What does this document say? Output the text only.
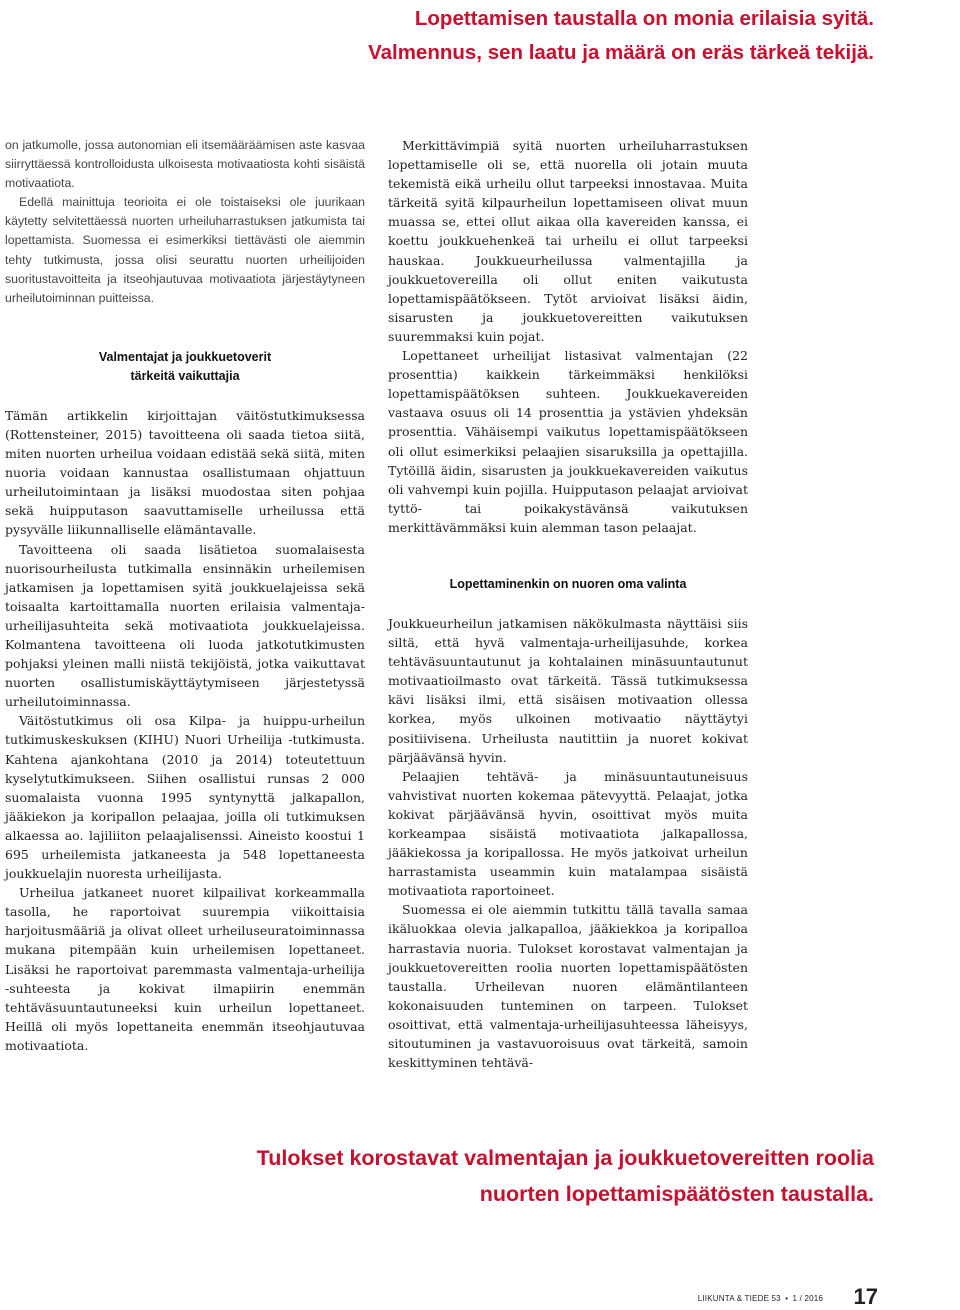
Lopettamisen taustalla on monia erilaisia syitä.
Valmennus, sen laatu ja määrä on eräs tärkeä tekijä.

on jatkumolle, jossa autonomian eli itsemääräämisen aste kasvaa siirryttäessä kontrolloidusta ulkoisesta motivaatiosta kohti sisäistä motivaatiota.

Edellä mainittuja teorioita ei ole toistaiseksi ole juurikaan käytetty selvitettäessä nuorten urheiluharrastuksen jatkumista tai lopettamista. Suomessa ei esimerkiksi tiettävästi ole aiemmin tehty tutkimusta, jossa olisi seurattu nuorten urheilijoiden suoritustavoitteita ja itseohjautuvaa motivaatiota järjestäytyneen urheilutoiminnan puitteissa.

Valmentajat ja joukkuetoverit
tärkeitä vaikuttajia

Tämän artikkelin kirjoittajan väitöstutkimuksessa (Rottensteiner, 2015) tavoitteena oli saada tietoa siitä, miten nuorten urheilua voidaan edistää sekä siitä, miten nuoria voidaan kannustaa osallistumaan ohjattuun urheilutoimintaan ja lisäksi muodostaa siten pohjaa sekä huipputason saavuttamiselle urheilussa että pysyvälle liikunnalliselle elämäntavalle.

Tavoitteena oli saada lisätietoa suomalaisesta nuorisourheilusta tutkimalla ensinnäkin urheilemisen jatkamisen ja lopettamisen syitä joukkuelajeissa sekä toisaalta kartoittamalla nuorten erilaisia valmentaja-urheilijasuhteita sekä motivaatiota joukkuelajeissa. Kolmantena tavoitteena oli luoda jatkotutkimusten pohjaksi yleinen malli niistä tekijöistä, jotka vaikuttavat nuorten osallistumiskäyttäytymiseen järjestetyssä urheilutoiminnassa.

Väitöstutkimus oli osa Kilpa- ja huippu-urheilun tutkimuskeskuksen (KIHU) Nuori Urheilija -tutkimusta. Kahtena ajankohtana (2010 ja 2014) toteutettuun kyselytutkimukseen. Siihen osallistui runsas 2 000 suomalaista vuonna 1995 syntynyttä jalkapallon, jääkiekon ja koripallon pelaajaa, joilla oli tutkimuksen alkaessa ao. lajiliiton pelaajalisenssi. Aineisto koostui 1 695 urheilemista jatkaneesta ja 548 lopettaneesta joukkuelajin nuoresta urheilijasta.

Urheilua jatkaneet nuoret kilpailivat korkeammalla tasolla, he raportoivat suurempia viikoittaisia harjoitusmääriä ja olivat olleet urheiluseuratoiminnassa mukana pitempään kuin urheilemisen lopettaneet. Lisäksi he raportoivat paremmasta valmentaja-urheilija -suhteesta ja kokivat ilmapiirin enemmän tehtäväsuuntautuneeksi kuin urheilun lopettaneet. Heillä oli myös lopettaneita enemmän itseohjautuvaa motivaatiota.

Merkittävimpiä syitä nuorten urheiluharrastuksen lopettamiselle oli se, että nuorella oli jotain muuta tekemistä eikä urheilu ollut tarpeeksi innostavaa. Muita tärkeitä syitä kilpaurheilun lopettamiseen olivat muun muassa se, ettei ollut aikaa olla kavereiden kanssa, ei koettu joukkuehenkeä tai urheilu ei ollut tarpeeksi hauskaa. Joukkueurheilussa valmentajilla ja joukkuetovereilla oli ollut eniten vaikutusta lopettamispäätökseen. Tytöt arvioivat lisäksi äidin, sisarusten ja joukkuetovereitten vaikutuksen suuremmaksi kuin pojat.

Lopettaneet urheilijat listasivat valmentajan (22 prosenttia) kaikkein tärkeimmäksi henkilöksi lopettamispäätöksen suhteen. Joukkuekavereiden vastaava osuus oli 14 prosenttia ja ystävien yhdeksän prosenttia. Vähäisempi vaikutus lopettamispäätökseen oli ollut esimerkiksi pelaajien sisaruksilla ja opettajilla. Tytöillä äidin, sisarusten ja joukkuekavereiden vaikutus oli vahvempi kuin pojilla. Huipputason pelaajat arvioivat tyttö- tai poikakystävänsä vaikutuksen merkittävämmäksi kuin alemman tason pelaajat.

Lopettaminenkin on nuoren oma valinta

Joukkueurheilun jatkamisen näkökulmasta näyttäisi siis siltä, että hyvä valmentaja-urheilijasuhde, korkea tehtäväsuuntautunut ja kohtalainen minäsuuntautunut motivaatioilmasto ovat tärkeitä. Tässä tutkimuksessa kävi lisäksi ilmi, että sisäisen motivaation ollessa korkea, myös ulkoinen motivaatio näyttäytyi positiivisena. Urheilusta nautittiin ja nuoret kokivat pärjäävänsä hyvin.

Pelaajien tehtävä- ja minäsuuntautuneisuus vahvistivat nuorten kokemaa pätevyyttä. Pelaajat, jotka kokivat pärjäävänsä hyvin, osoittivat myös muita korkeampaa sisäistä motivaatiota jalkapallossa, jääkiekossa ja koripallossa. He myös jatkoivat urheilun harrastamista useammin kuin matalampaa sisäistä motivaatiota raportoineet.

Suomessa ei ole aiemmin tutkittu tällä tavalla samaa ikäluokkaa olevia jalkapalloa, jääkiekkoa ja koripalloa harrastavia nuoria. Tulokset korostavat valmentajan ja joukkuetovereitten roolia nuorten lopettamispäätösten taustalla. Urheilevan nuoren elämäntilanteen kokonaisuuden tunteminen on tarpeen. Tulokset osoittivat, että valmentaja-urheilijasuhteessa läheisyys, sitoutuminen ja vastavuoroisuus ovat tärkeitä, samoin keskittyminen tehtävä-

Tulokset korostavat valmentajan ja joukkuetovereitten roolia
nuorten lopettamispäätösten taustalla.
LIIKUNTA & TIEDE 53 • 1 / 2016 17
